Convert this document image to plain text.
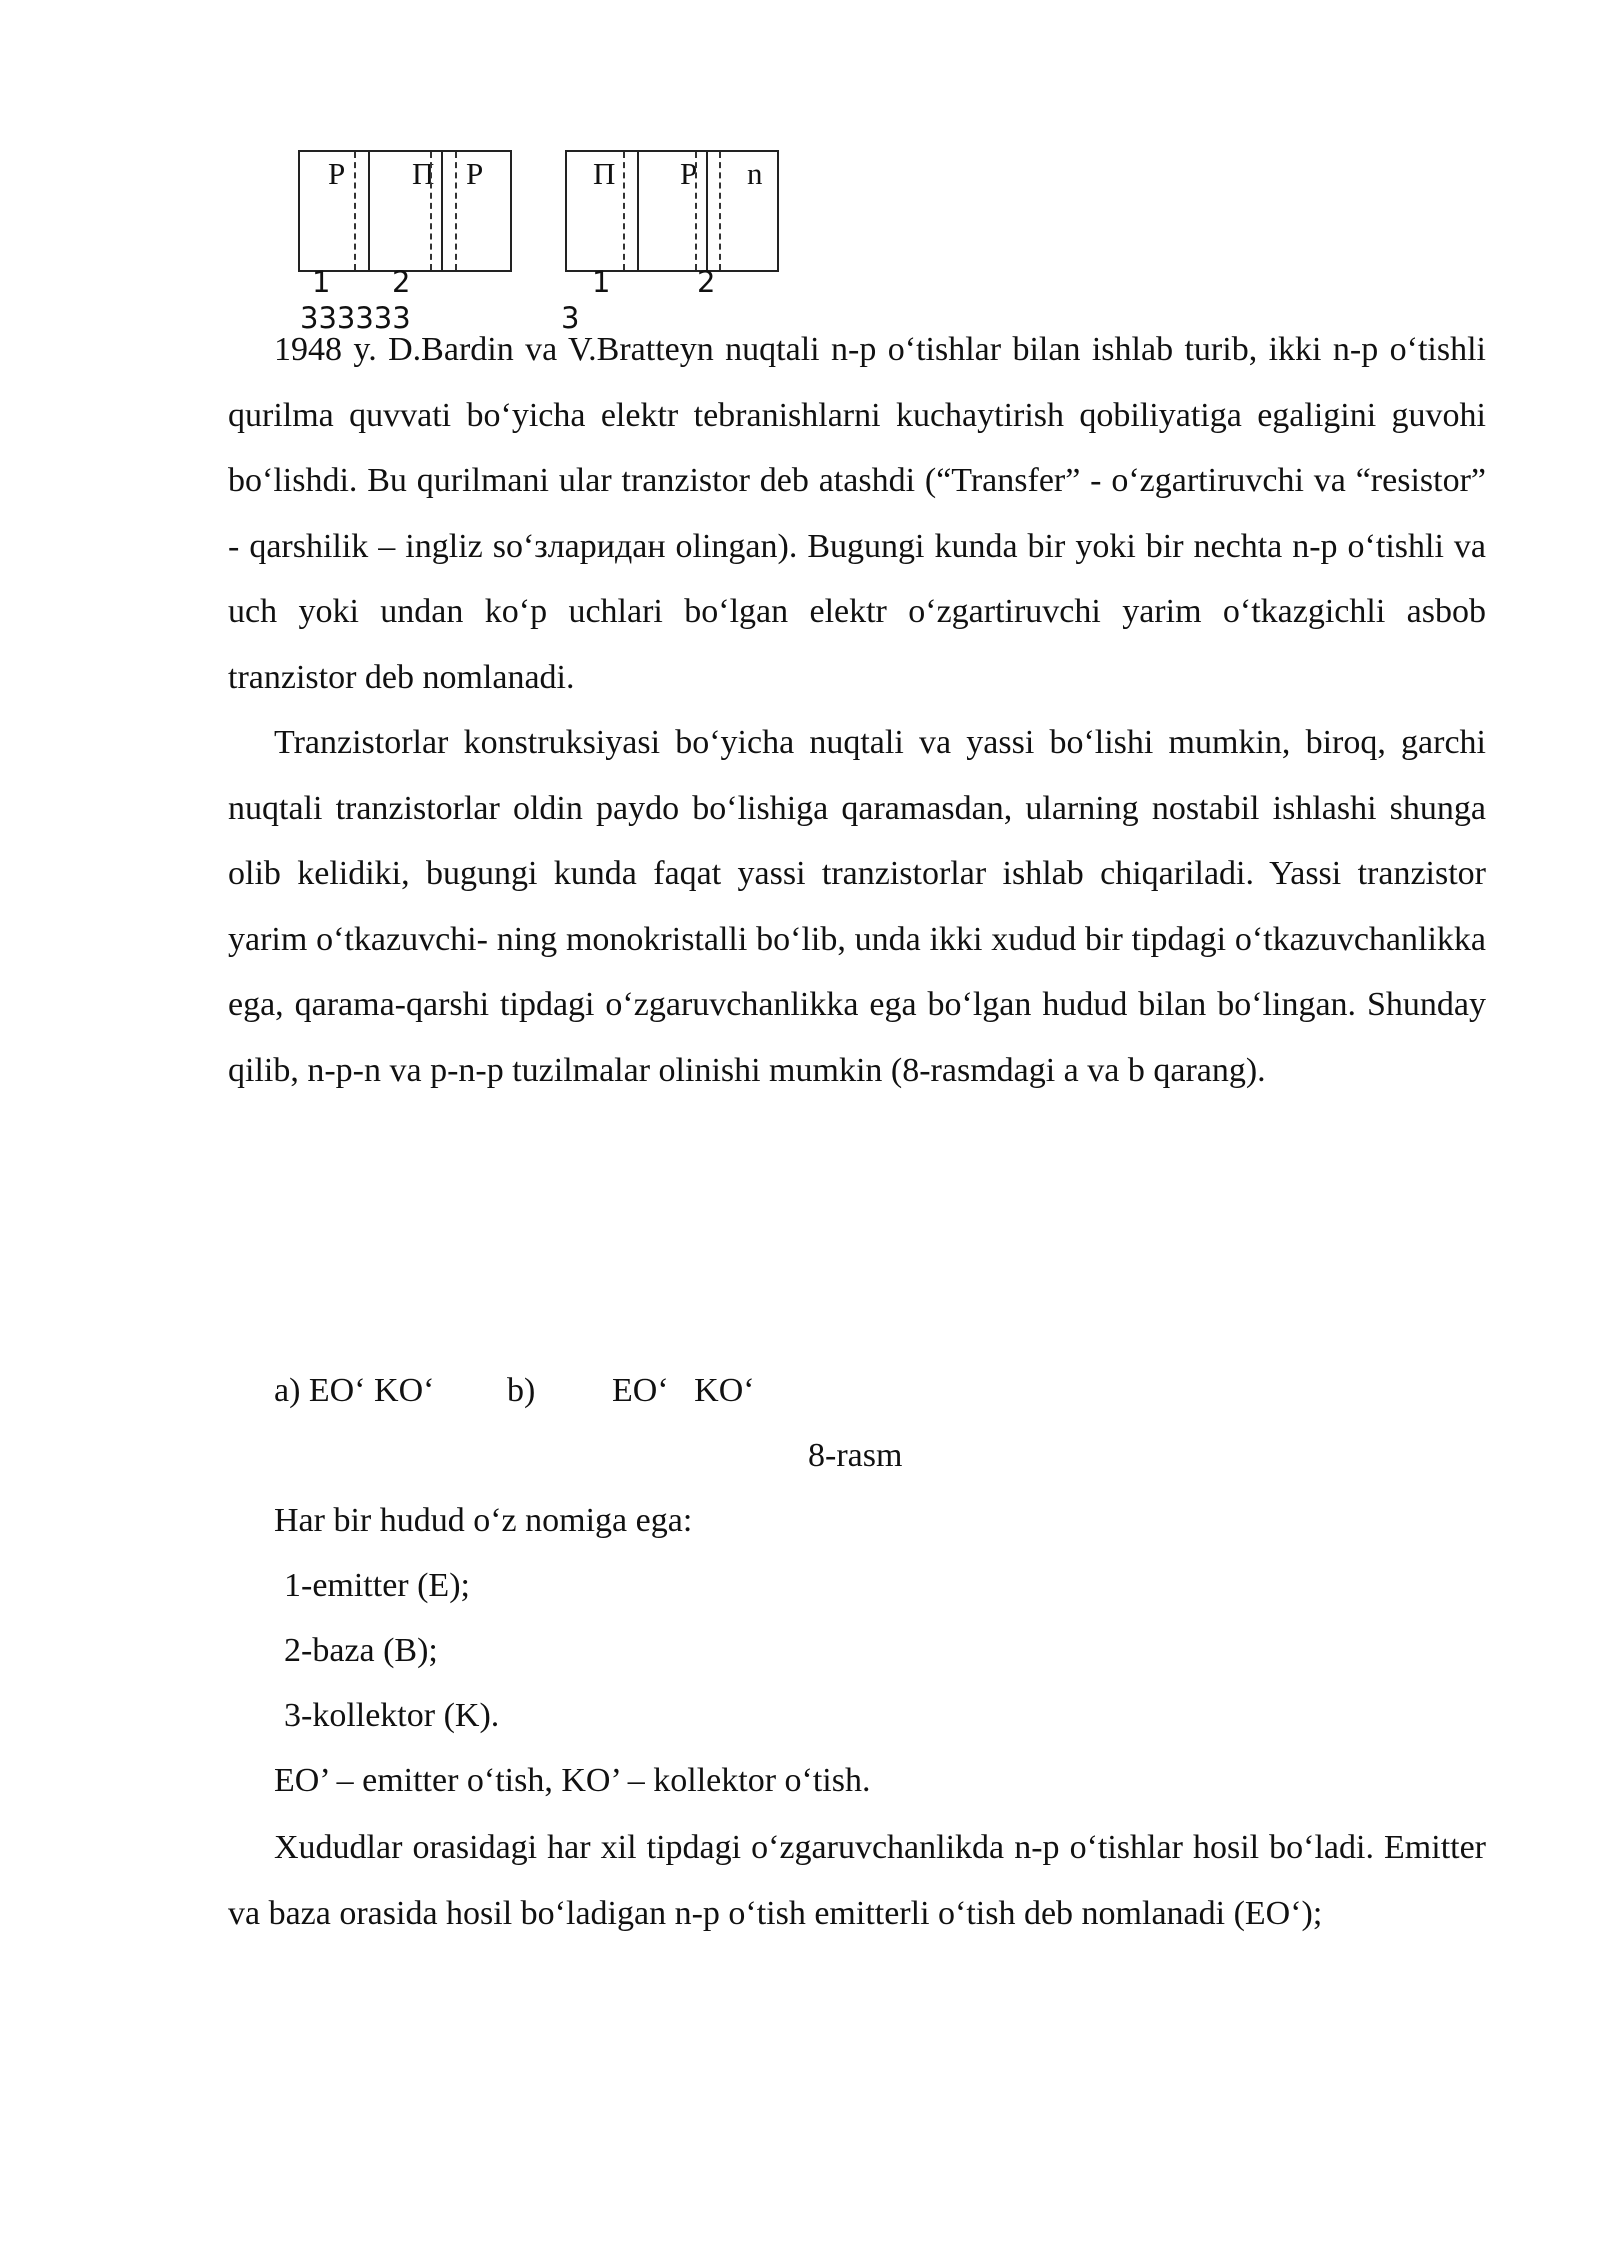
P П P
1 2
333333
П P n
1	2
3

1948 y. D.Bardin va V.Bratteyn nuqtali n-p o‘tishlar bilan ishlab turib, ikki n-p o‘tishli qurilma quvvati bo‘yicha elektr tebranishlarni kuchaytirish qobiliyatiga egaligini guvohi bo‘lishdi. Bu qurilmani ular tranzistor deb atashdi (“Transfer” - o‘zgartiruvchi va “resistor” - qarshilik – ingliz so‘злаpидан olingan). Bugungi kunda bir yoki bir nechta n-p o‘tishli va uch yoki undan ko‘p uchlari bo‘lgan elektr o‘zgartiruvchi yarim o‘tkazgichli asbob tranzistor deb nomlanadi.

Tranzistorlar konstruksiyasi bo‘yicha nuqtali va yassi bo‘lishi mumkin, biroq, garchi nuqtali tranzistorlar oldin paydo bo‘lishiga qaramasdan, ularning nostabil ishlashi shunga olib kelidiki, bugungi kunda faqat yassi tranzistorlar ishlab chiqariladi. Yassi tranzistor yarim o‘tkazuvchi- ning monokristalli bo‘lib, unda ikki xudud bir tipdagi o‘tkazuvchanlikka ega, qarama-qarshi tipdagi o‘zgaruvchanlikka ega bo‘lgan hudud bilan bo‘lingan. Shunday qilib, n-p-n va p-n-p tuzilmalar olinishi mumkin (8-rasmdagi a va b qarang).

a) EO‘ KO‘ b) EO‘   KO‘
8-rasm
Har bir hudud o‘z nomiga ega:
1-emitter (E);
2-baza (B);
3-kollektor (K).
EO’ – emitter o‘tish, KO’ – kollektor o‘tish.

Xududlar orasidagi har xil tipdagi o‘zgaruvchanlikda n-p o‘tishlar hosil bo‘ladi. Emitter va baza orasida hosil bo‘ladigan n-p o‘tish emitterli o‘tish deb nomlanadi (EO‘);
